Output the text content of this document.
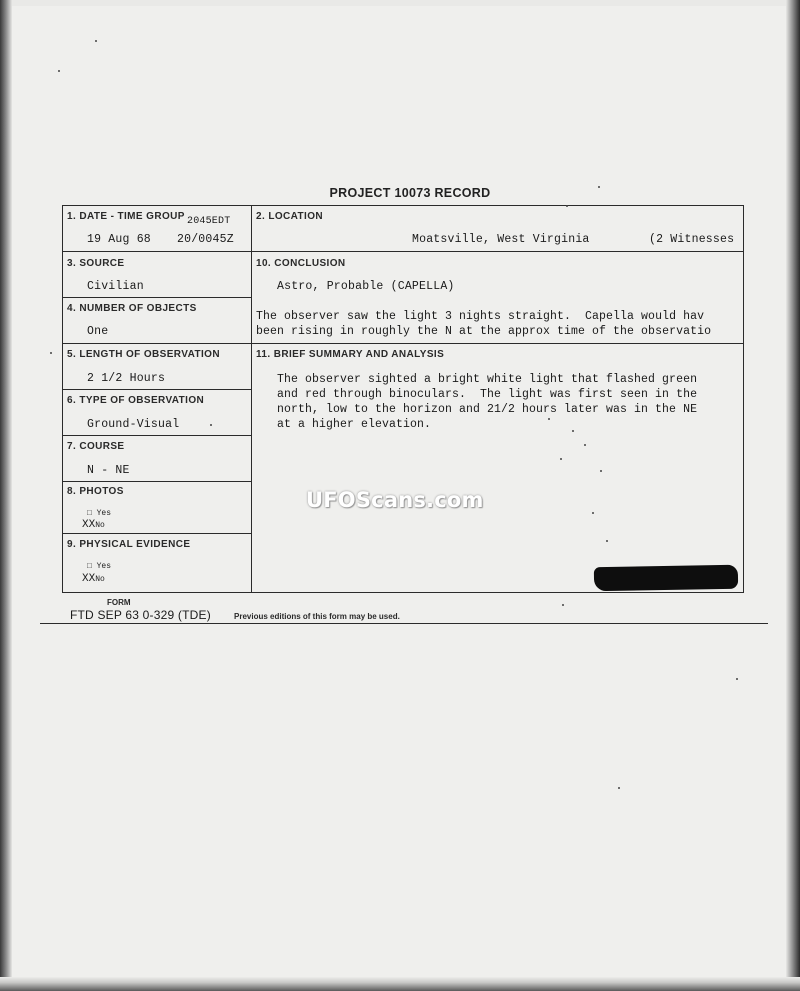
PROJECT 10073 RECORD
1. DATE - TIME GROUP 2045EDT
19 Aug 68 20/0045Z
2. LOCATION
Moatsville, West Virginia	(2 Witnesses
3. SOURCE
Civilian
10. CONCLUSION
Astro, Probable (CAPELLA)
4. NUMBER OF OBJECTS
One
The observer saw the light 3 nights straight.  Capella would hav
been rising in roughly the N at the approx time of the observatio
5. LENGTH OF OBSERVATION
2 1/2 Hours
11. BRIEF SUMMARY AND ANALYSIS
The observer sighted a bright white light that flashed green
and red through binoculars.  The light was first seen in the
north, low to the horizon and 21/2 hours later was in the NE
at a higher elevation.
6. TYPE OF OBSERVATION
Ground-Visual
7. COURSE
N - NE
8. PHOTOS
□ Yes
XXNo
9. PHYSICAL EVIDENCE
□ Yes
XXNo
FORM
FTD SEP 63 0-329 (TDE)	Previous editions of this form may be used.
UFOScans.com
